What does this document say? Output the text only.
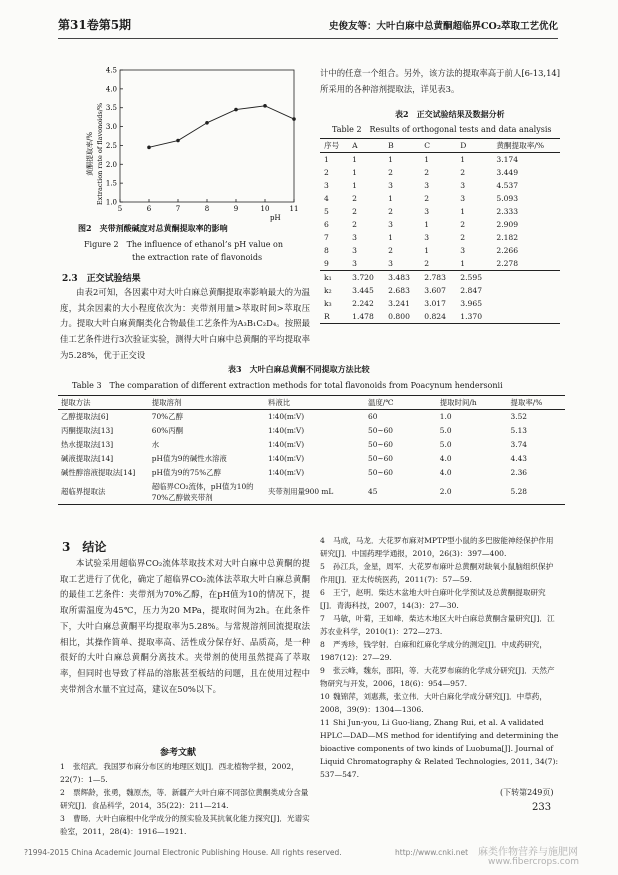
第31卷第5期	史俊友等：大叶白麻中总黄酮超临界CO₂萃取工艺优化
黄酮提取率/% Extraction rate of flavonoids/%
pH
5	6	7	8	9	10	11
1.0
1.5
2.0
2.5
3.0
3.5
4.0
4.5
图2　夹带剂酸碱度对总黄酮提取率的影响
Figure 2　The influence of ethanol’s pH value on
the extraction rate of flavonoids
2.3　正交试验结果
由表2可知，各因素中对大叶白麻总黄酮提取率影响最大的为温度，其余因素的大小程度依次为：夹带剂用量>萃取时间>萃取压力。提取大叶白麻黄酮类化合物最佳工艺条件为A₃B₁C₂D₄。按照最佳工艺条件进行3次验证实验，测得大叶白麻中总黄酮的平均提取率为5.28%，优于正交设
计中的任意一个组合。另外，该方法的提取率高于前人[6-13,14]所采用的各种溶剂提取法，详见表3。
表2　正交试验结果及数据分析
Table 2　Results of orthogonal tests and data analysis
序号	A	B	C	D	黄酮提取率/%
1	1	1	1	1	3.174
2	1	2	2	2	3.449
3	1	3	3	3	4.537
4	2	1	2	3	5.093
5	2	2	3	1	2.333
6	2	3	1	2	2.909
7	3	1	3	2	2.182
8	3	2	1	3	2.266
9	3	3	2	1	2.278
k₁	3.720	3.483	2.783	2.595	
k₂	3.445	2.683	3.607	2.847	
k₃	2.242	3.241	3.017	3.965	
R	1.478	0.800	0.824	1.370	
表3　大叶白麻总黄酮不同提取方法比较
Table 3　The comparation of different extraction methods for total flavonoids from Poacynum hendersonii
提取方法	提取溶剂	料液比	温度/℃	提取时间/h	提取率/%
乙醇提取法[6]	70%乙醇	1∶40(m∶V)	60	1.0	3.52
丙酮提取法[13]	60%丙酮	1∶40(m∶V)	50~60	5.0	5.13
热水提取法[13]	水	1∶40(m∶V)	50~60	5.0	3.74
碱液提取法[14]	pH值为9的碱性水溶液	1∶40(m∶V)	50~60	4.0	4.43
碱性醇溶液提取法[14]	pH值为9的75%乙醇	1∶40(m∶V)	50~60	4.0	2.36
超临界提取法	超临界CO₂流体，pH值为10的70%乙醇做夹带剂	夹带剂用量900 mL	45	2.0	5.28
3　结论
本试验采用超临界CO₂流体萃取技术对大叶白麻中总黄酮的提取工艺进行了优化，确定了超临界CO₂流体法萃取大叶白麻总黄酮的最佳工艺条件：夹带剂为70%乙醇，在pH值为10的情况下，提取所需温度为45℃，压力为20 MPa，提取时间为2h。在此条件下，大叶白麻总黄酮平均提取率为5.28%。与常规溶剂回流提取法相比，其操作简单、提取率高、活性成分保存好、品质高，是一种很好的大叶白麻总黄酮分离技术。夹带剂的使用虽然提高了萃取率，但同时也导致了样品的溶胀甚至板结的问题，且在使用过程中夹带剂含水量不宜过高，建议在50%以下。
参考文献
1 张绍武．我国罗布麻分布区的地理区划[J]．西北植物学报，2002，22(7)：1—5.
2 票辉龄，张勇，魏原杰，等．新疆产大叶白麻不同部位黄酮类成分含量研究[J]．食品科学，2014，35(22)：211—214.
3 曹旸．大叶白麻根中化学成分的预实验及其抗氧化能力探究[J]．光谱实验室，2011，28(4)：1916—1921.
4 马成，马龙．大花罗布麻对MPTP型小鼠的多巴胺能神经保护作用研究[J]．中国药理学通报，2010，26(3)：397—400.
5 孙江兵，金星，周军．大花罗布麻叶总黄酮对缺氧小鼠脑组织保护作用[J]．亚太传统医药，2011(7)：57—59.
6 王宁，赵明．柴达木盆地大叶白麻叶化学预试及总黄酮提取研究[J]．青海科技，2007，14(3)：27—30.
7 马敏，叶菊，王如峰．柴达木地区大叶白麻总黄酮含量研究[J]．江苏农业科学，2010(1)：272—273.
8 严秀珍，钱学射．白麻和红麻化学成分的测定[J]．中成药研究，1987(12)：27—29.
9 张云峰，魏东，邵阳，等．大花罗布麻的化学成分研究[J]．天然产物研究与开发，2006，18(6)：954—957.
10 魏锦萍，刘惠燕，张立伟．大叶白麻化学成分研究[J]．中草药，2008，39(9)：1304—1306.
11 Shi Jun-you, Li Guo-liang, Zhang Rui, et al. A validated HPLC—DAD—MS method for identifying and determining the bioactive components of two kinds of Luobuma[J]. Journal of Liquid Chromatography & Related Technologies, 2011, 34(7): 537—547.
(下转第249页)
233
?1994-2015 China Academic Journal Electronic Publishing House. All rights reserved.	http://www.cnki.net 麻类作物营养与施肥网
www.fibercrops.com
